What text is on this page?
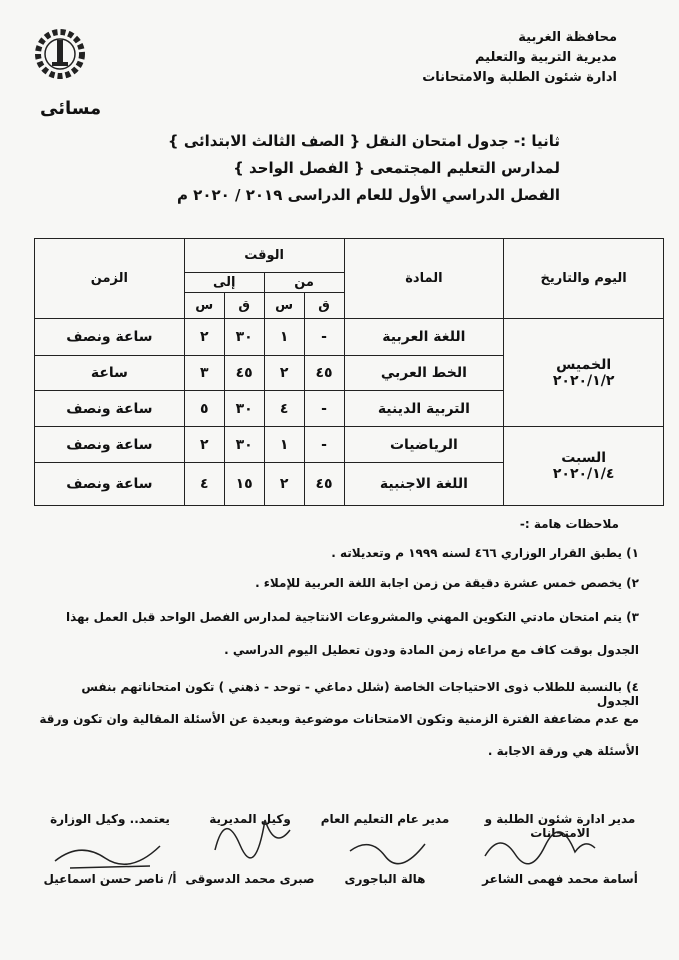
محافظة الغربية
مديرية التربية والتعليم
ادارة شئون الطلبة والامتحانات
مسائى
ثانيا :- جدول امتحان النقل { الصف الثالث الابتدائى }
لمدارس التعليم المجتمعى { الفصل الواحد }
الفصل الدراسي الأول للعام الدراسى ٢٠١٩ / ٢٠٢٠ م
اليوم والتاريخ	المادة	الوقت				الزمن
		من		إلى		
		ق	س	ق	س	

الخميس
٢٠٢٠/١/٢	اللغة العربية	-	١	٣٠	٢	ساعة ونصف
	الخط العربي	٤٥	٢	٤٥	٣	ساعة
	التربية الدينية	-	٤	٣٠	٥	ساعة ونصف

السبت
٢٠٢٠/١/٤	الرياضيات	-	١	٣٠	٢	ساعة ونصف
	اللغة الاجنبية	٤٥	٢	١٥	٤	ساعة ونصف
ملاحظات هامة :-
١) يطبق القرار الوزاري ٤٦٦ لسنه ١٩٩٩ م وتعديلاته .
٢) يخصص خمس عشرة دقيقة من زمن اجابة اللغة العربية للإملاء .
٣) يتم امتحان مادتي التكوين المهني والمشروعات الانتاجية لمدارس الفصل الواحد قبل العمل بهذا
الجدول بوقت كاف مع مراعاه زمن المادة ودون تعطيل اليوم الدراسي .
٤) بالنسبة للطلاب ذوى الاحتياجات الخاصة (شلل دماغي - توحد - ذهني ) تكون امتحاناتهم بنفس الجدول
مع عدم مضاعفة الفترة الزمنية وتكون الامتحانات موضوعية وبعيدة عن الأسئلة المقالية وان تكون ورقة
الأسئلة هي ورقة الاجابة .
مدير ادارة شئون الطلبة و الامتحانات
أسامة محمد فهمى الشاعر
مدير عام التعليم العام
هالة الباجورى
وكيل المديرية
صبرى محمد الدسوقى
يعتمد.. وكيل الوزارة
أ/ ناصر حسن اسماعيل
